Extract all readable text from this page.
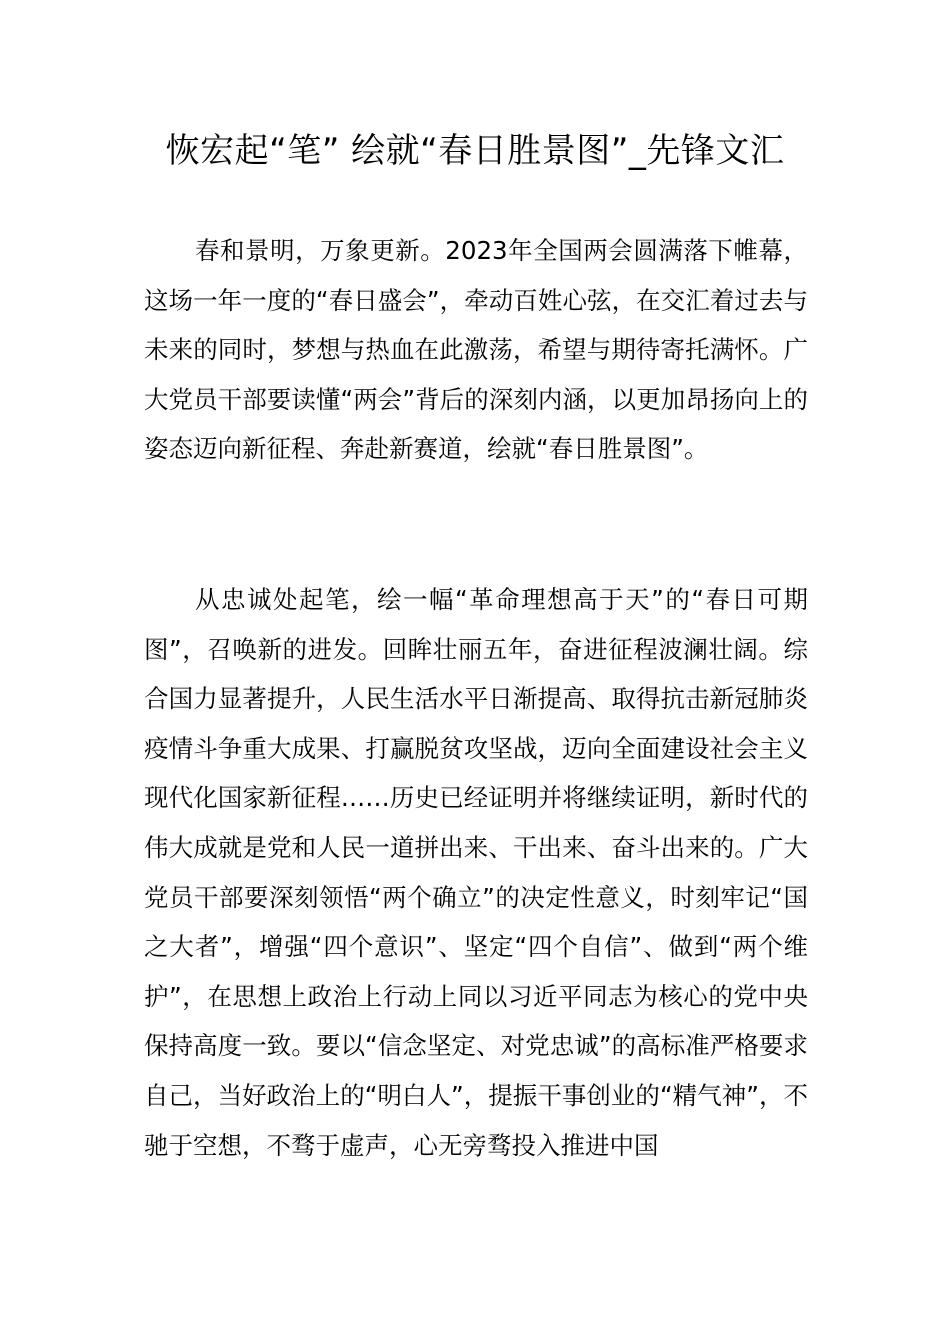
恢宏起“笔” 绘就“春日胜景图”_先锋文汇

春和景明，万象更新。2023年全国两会圆满落下帷幕，这场一年一度的“春日盛会”，牵动百姓心弦，在交汇着过去与未来的同时，梦想与热血在此激荡，希望与期待寄托满怀。广大党员干部要读懂“两会”背后的深刻内涵，以更加昂扬向上的姿态迈向新征程、奔赴新赛道，绘就“春日胜景图”。

从忠诚处起笔，绘一幅“革命理想高于天”的“春日可期图”，召唤新的进发。回眸壮丽五年，奋进征程波澜壮阔。综合国力显著提升，人民生活水平日渐提高、取得抗击新冠肺炎疫情斗争重大成果、打赢脱贫攻坚战，迈向全面建设社会主义现代化国家新征程……历史已经证明并将继续证明，新时代的伟大成就是党和人民一道拼出来、干出来、奋斗出来的。广大党员干部要深刻领悟“两个确立”的决定性意义，时刻牢记“国之大者”，增强“四个意识”、坚定“四个自信”、做到“两个维护”，在思想上政治上行动上同以习近平同志为核心的党中央保持高度一致。要以“信念坚定、对党忠诚”的高标准严格要求自己，当好政治上的“明白人”，提振干事创业的“精气神”，不驰于空想，不骛于虚声，心无旁骛投入推进中国
